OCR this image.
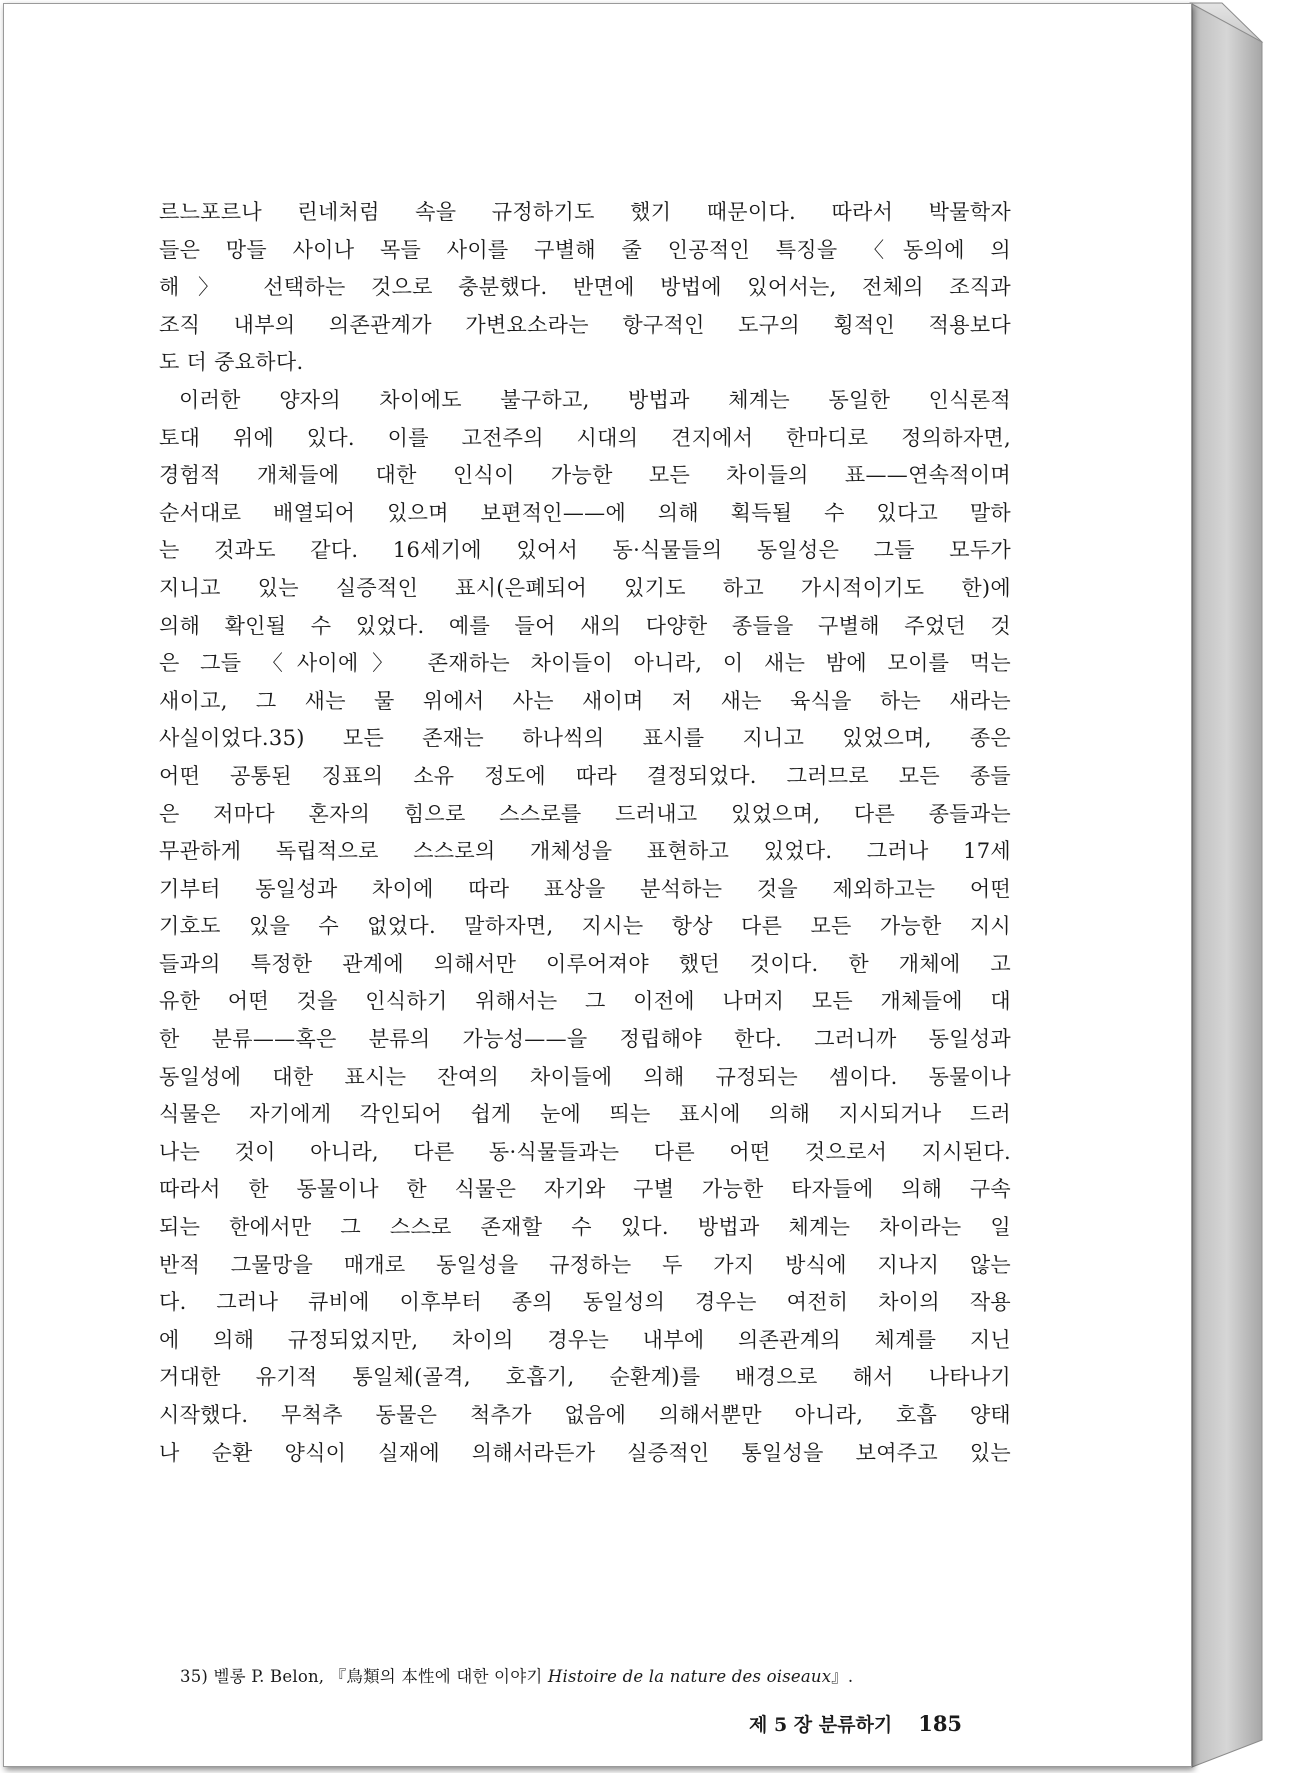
르느포르나 린네처럼 속을 규정하기도 했기 때문이다. 따라서 박물학자
들은 망들 사이나 목들 사이를 구별해 줄 인공적인 특징을 〈동의에 의
해〉 선택하는 것으로 충분했다. 반면에 방법에 있어서는, 전체의 조직과
조직 내부의 의존관계가 가변요소라는 항구적인 도구의 횡적인 적용보다
도 더 중요하다.
이러한 양자의 차이에도 불구하고, 방법과 체계는 동일한 인식론적
토대 위에 있다. 이를 고전주의 시대의 견지에서 한마디로 정의하자면,
경험적 개체들에 대한 인식이 가능한 모든 차이들의 표——연속적이며
순서대로 배열되어 있으며 보편적인——에 의해 획득될 수 있다고 말하
는 것과도 같다. 16세기에 있어서 동·식물들의 동일성은 그들 모두가
지니고 있는 실증적인 표시(은폐되어 있기도 하고 가시적이기도 한)에
의해 확인될 수 있었다. 예를 들어 새의 다양한 종들을 구별해 주었던 것
은 그들 〈사이에〉 존재하는 차이들이 아니라, 이 새는 밤에 모이를 먹는
새이고, 그 새는 물 위에서 사는 새이며 저 새는 육식을 하는 새라는
사실이었다.35) 모든 존재는 하나씩의 표시를 지니고 있었으며, 종은
어떤 공통된 징표의 소유 정도에 따라 결정되었다. 그러므로 모든 종들
은 저마다 혼자의 힘으로 스스로를 드러내고 있었으며, 다른 종들과는
무관하게 독립적으로 스스로의 개체성을 표현하고 있었다. 그러나 17세
기부터 동일성과 차이에 따라 표상을 분석하는 것을 제외하고는 어떤
기호도 있을 수 없었다. 말하자면, 지시는 항상 다른 모든 가능한 지시
들과의 특정한 관계에 의해서만 이루어져야 했던 것이다. 한 개체에 고
유한 어떤 것을 인식하기 위해서는 그 이전에 나머지 모든 개체들에 대
한 분류——혹은 분류의 가능성——을 정립해야 한다. 그러니까 동일성과
동일성에 대한 표시는 잔여의 차이들에 의해 규정되는 셈이다. 동물이나
식물은 자기에게 각인되어 쉽게 눈에 띄는 표시에 의해 지시되거나 드러
나는 것이 아니라, 다른 동·식물들과는 다른 어떤 것으로서 지시된다.
따라서 한 동물이나 한 식물은 자기와 구별 가능한 타자들에 의해 구속
되는 한에서만 그 스스로 존재할 수 있다. 방법과 체계는 차이라는 일
반적 그물망을 매개로 동일성을 규정하는 두 가지 방식에 지나지 않는
다. 그러나 큐비에 이후부터 종의 동일성의 경우는 여전히 차이의 작용
에 의해 규정되었지만, 차이의 경우는 내부에 의존관계의 체계를 지닌
거대한 유기적 통일체(골격, 호흡기, 순환계)를 배경으로 해서 나타나기
시작했다. 무척추 동물은 척추가 없음에 의해서뿐만 아니라, 호흡 양태
나 순환 양식이 실재에 의해서라든가 실증적인 통일성을 보여주고 있는
35) 벨롱 P. Belon, 『鳥類의 本性에 대한 이야기 Histoire de la nature des oiseaux』.
제 5 장 분류하기 185
